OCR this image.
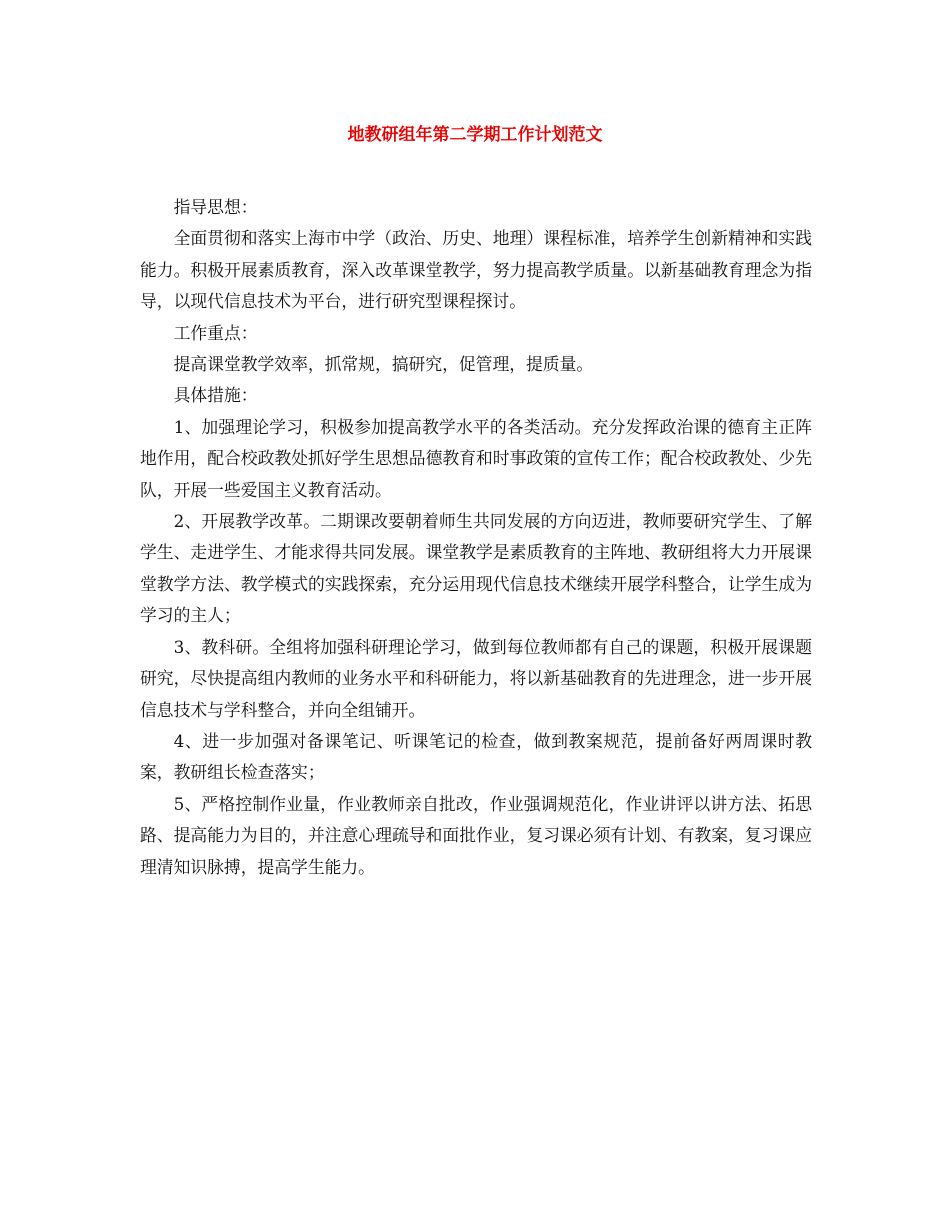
地教研组年第二学期工作计划范文

指导思想：

全面贯彻和落实上海市中学（政治、历史、地理）课程标准，培养学生创新精神和实践能力。积极开展素质教育，深入改革课堂教学，努力提高教学质量。以新基础教育理念为指导，以现代信息技术为平台，进行研究型课程探讨。

工作重点：

提高课堂教学效率，抓常规，搞研究，促管理，提质量。

具体措施：

1、加强理论学习，积极参加提高教学水平的各类活动。充分发挥政治课的德育主正阵地作用，配合校政教处抓好学生思想品德教育和时事政策的宣传工作；配合校政教处、少先队，开展一些爱国主义教育活动。

2、开展教学改革。二期课改要朝着师生共同发展的方向迈进，教师要研究学生、了解学生、走进学生、才能求得共同发展。课堂教学是素质教育的主阵地、教研组将大力开展课堂教学方法、教学模式的实践探索，充分运用现代信息技术继续开展学科整合，让学生成为学习的主人；

3、教科研。全组将加强科研理论学习，做到每位教师都有自己的课题，积极开展课题研究，尽快提高组内教师的业务水平和科研能力，将以新基础教育的先进理念，进一步开展信息技术与学科整合，并向全组铺开。

4、进一步加强对备课笔记、听课笔记的检查，做到教案规范，提前备好两周课时教案，教研组长检查落实；

5、严格控制作业量，作业教师亲自批改，作业强调规范化，作业讲评以讲方法、拓思路、提高能力为目的，并注意心理疏导和面批作业，复习课必须有计划、有教案，复习课应理清知识脉搏，提高学生能力。
